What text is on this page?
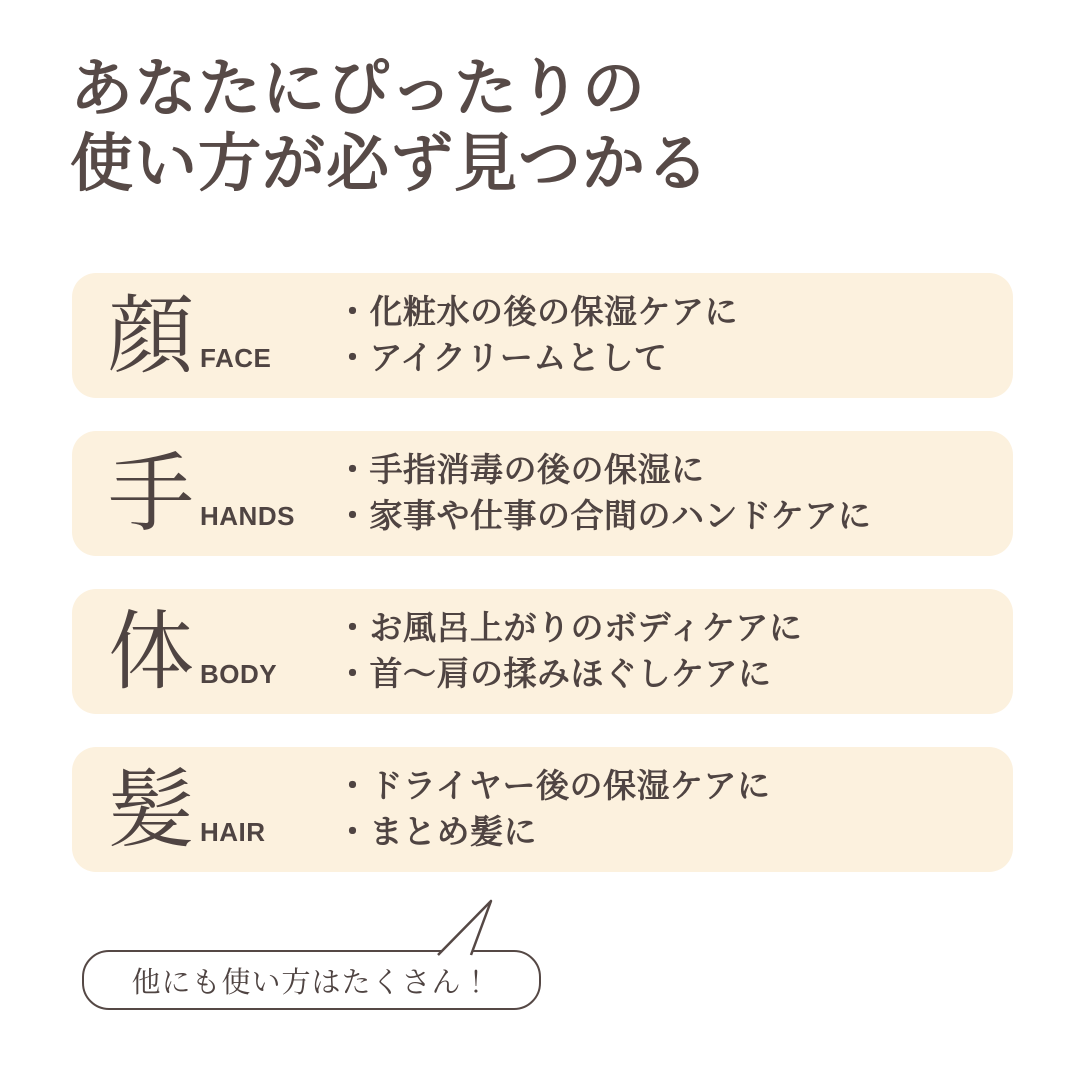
あなたにぴったりの
使い方が必ず見つかる
顔 FACE
・化粧水の後の保湿ケアに
・アイクリームとして
手 HANDS
・手指消毒の後の保湿に
・家事や仕事の合間のハンドケアに
体 BODY
・お風呂上がりのボディケアに
・首〜肩の揉みほぐしケアに
髪 HAIR
・ドライヤー後の保湿ケアに
・まとめ髪に
他にも使い方はたくさん！
